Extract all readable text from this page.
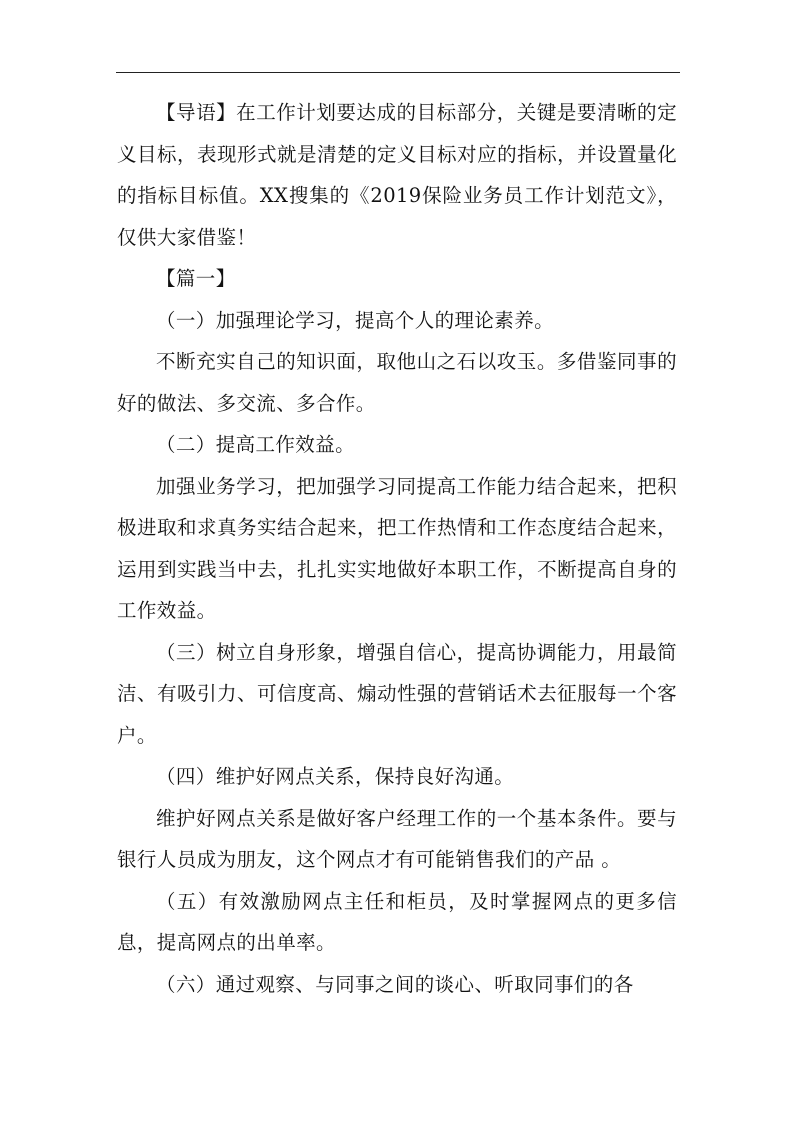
【导语】在工作计划要达成的目标部分，关键是要清晰的定义目标，表现形式就是清楚的定义目标对应的指标，并设置量化的指标目标值。XX搜集的《2019保险业务员工作计划范文》，仅供大家借鉴！

【篇一】

（一）加强理论学习，提高个人的理论素养。

不断充实自己的知识面，取他山之石以攻玉。多借鉴同事的好的做法、多交流、多合作。

（二）提高工作效益。

加强业务学习，把加强学习同提高工作能力结合起来，把积极进取和求真务实结合起来，把工作热情和工作态度结合起来，运用到实践当中去，扎扎实实地做好本职工作，不断提高自身的工作效益。

（三）树立自身形象，增强自信心，提高协调能力，用最简洁、有吸引力、可信度高、煽动性强的营销话术去征服每一个客户。

（四）维护好网点关系，保持良好沟通。

维护好网点关系是做好客户经理工作的一个基本条件。要与银行人员成为朋友，这个网点才有可能销售我们的产品 。

（五）有效激励网点主任和柜员，及时掌握网点的更多信息，提高网点的出单率。

（六）通过观察、与同事之间的谈心、听取同事们的各
